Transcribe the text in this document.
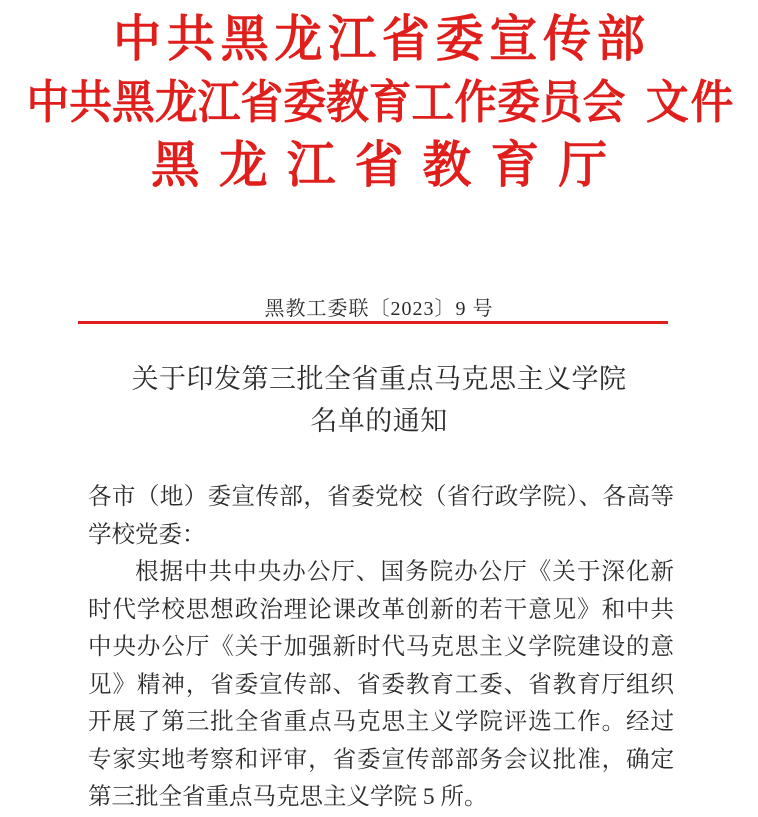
中共黑龙江省委宣传部
中共黑龙江省委教育工作委员会 文件
黑龙江省教育厅
黑教工委联〔2023〕9 号
关于印发第三批全省重点马克思主义学院
名单的通知

各市（地）委宣传部，省委党校（省行政学院）、各高等学校党委：

根据中共中央办公厅、国务院办公厅《关于深化新时代学校思想政治理论课改革创新的若干意见》和中共中央办公厅《关于加强新时代马克思主义学院建设的意见》精神，省委宣传部、省委教育工委、省教育厅组织开展了第三批全省重点马克思主义学院评选工作。经过专家实地考察和评审，省委宣传部部务会议批准，确定第三批全省重点马克思主义学院 5 所。
